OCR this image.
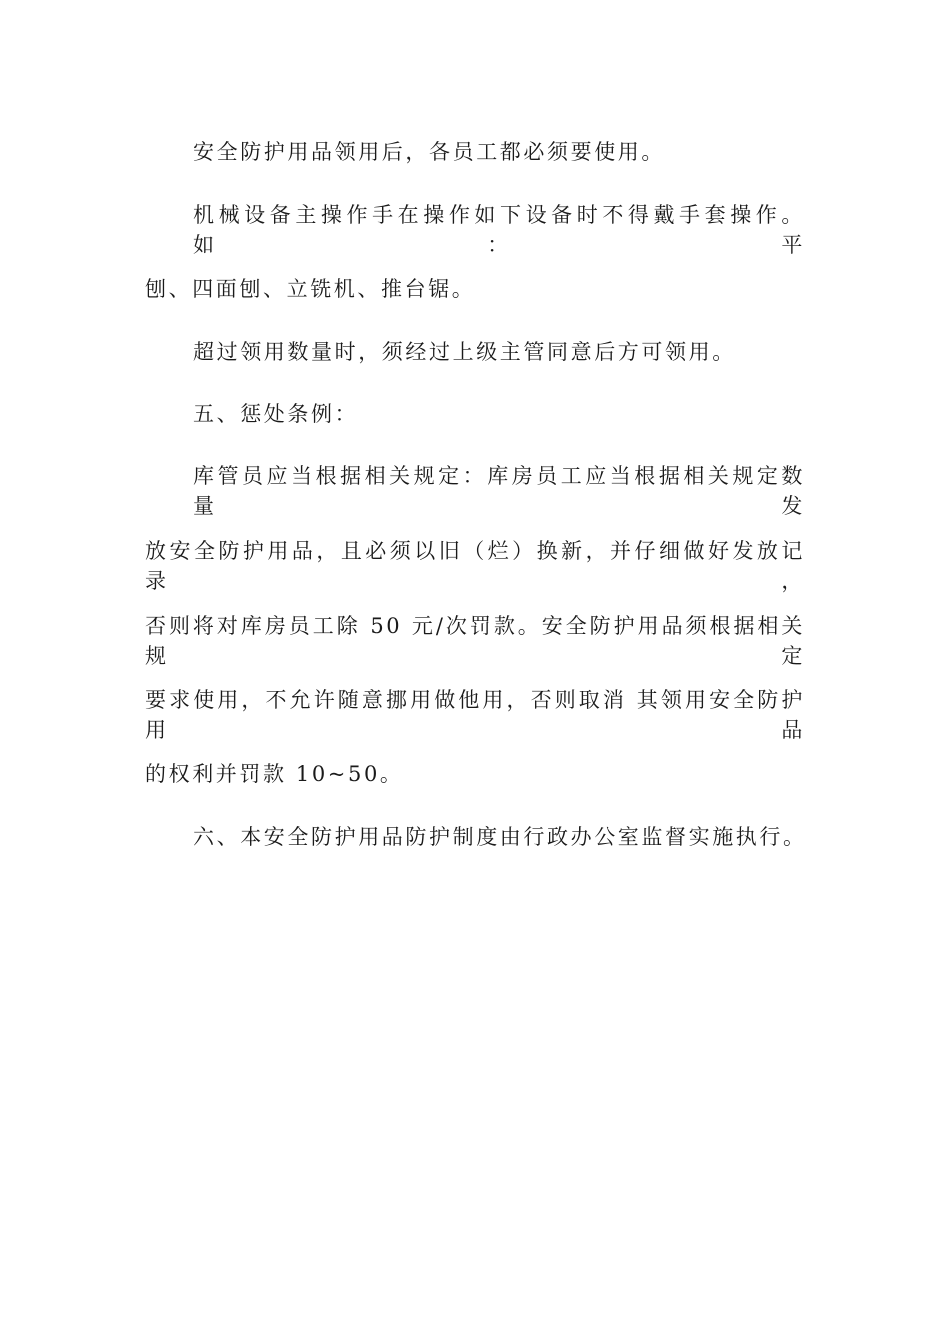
安全防护用品领用后，各员工都必须要使用。
机械设备主操作手在操作如下设备时不得戴手套操作。如：平
刨、四面刨、立铣机、推台锯。
超过领用数量时，须经过上级主管同意后方可领用。
五、惩处条例：
库管员应当根据相关规定：库房员工应当根据相关规定数量发
放安全防护用品，且必须以旧（烂）换新，并仔细做好发放记录，
否则将对库房员工除 50 元/次罚款。安全防护用品须根据相关规定
要求使用，不允许随意挪用做他用，否则取消 其领用安全防护用品
的权利并罚款 10~50。
六、本安全防护用品防护制度由行政办公室监督实施执行。
